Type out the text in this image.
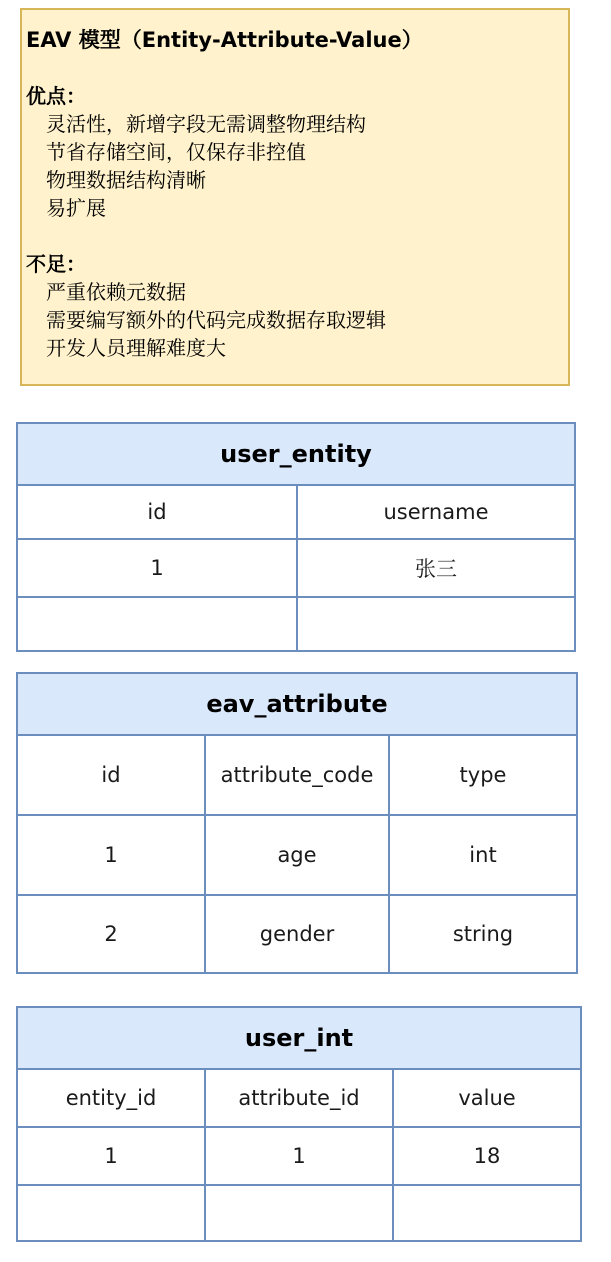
EAV 模型（Entity-Attribute-Value）
优点：
灵活性，新增字段无需调整物理结构
节省存储空间，仅保存非控值
物理数据结构清晰
易扩展
不足：
严重依赖元数据
需要编写额外的代码完成数据存取逻辑
开发人员理解难度大
user_entity
id	username
1	张三
eav_attribute
id	attribute_code	type
1	age	int
2	gender	string
user_int
entity_id	attribute_id	value
1	1	18
